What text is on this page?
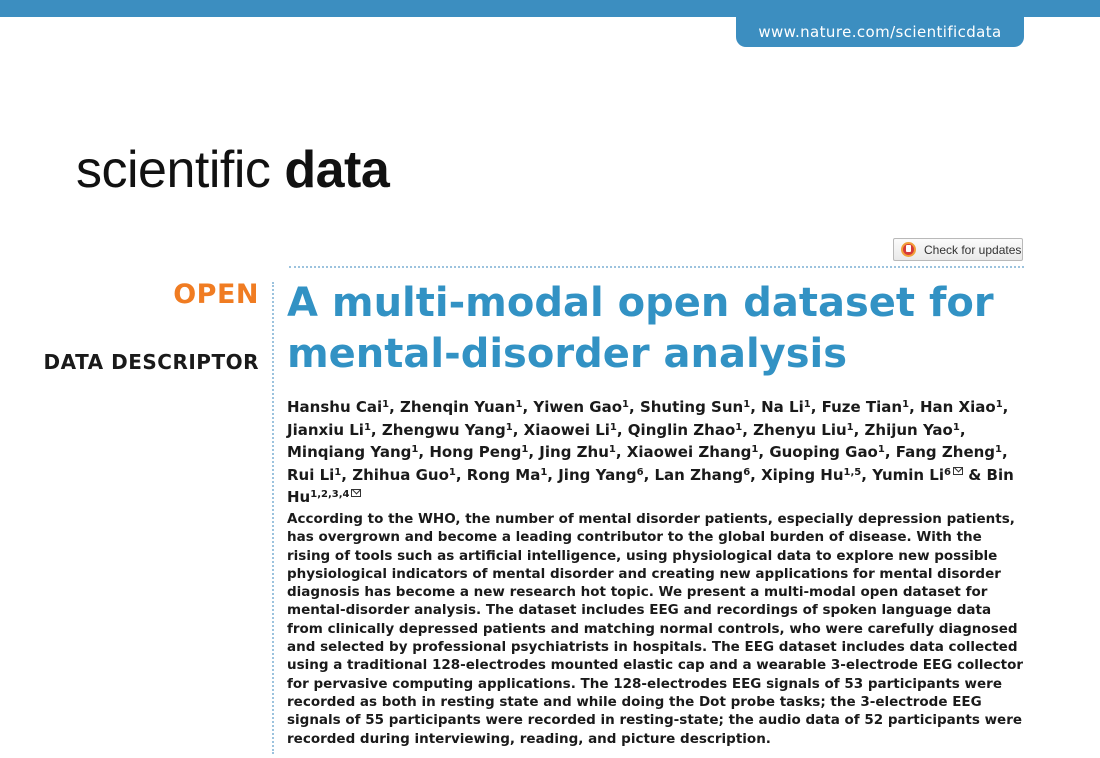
www.nature.com/scientificdata
scientific data
Check for updates
OPEN
DATA DESCRIPTOR
A multi-modal open dataset for mental-disorder analysis
Hanshu Cai$^1$, Zhenqin Yuan$^1$, Yiwen Gao$^1$, Shuting Sun$^1$, Na Li$^1$, Fuze Tian$^1$, Han Xiao$^1$, Jianxiu Li$^1$, Zhengwu Yang$^1$, Xiaowei Li$^1$, Qinglin Zhao$^1$, Zhenyu Liu$^1$, Zhijun Yao$^1$, Minqiang Yang$^1$, Hong Peng$^1$, Jing Zhu$^1$, Xiaowei Zhang$^1$, Guoping Gao$^1$, Fang Zheng$^1$, Rui Li$^1$, Zhihua Guo$^1$, Rong Ma$^1$, Jing Yang$^6$, Lan Zhang$^6$, Xiping Hu$^{1,5}$, Yumin Li$^6$ & Bin Hu$^{1,2,3,4}$

According to the WHO, the number of mental disorder patients, especially depression patients, has overgrown and become a leading contributor to the global burden of disease. With the rising of tools such as artificial intelligence, using physiological data to explore new possible physiological indicators of mental disorder and creating new applications for mental disorder diagnosis has become a new research hot topic. We present a multi-modal open dataset for mental-disorder analysis. The dataset includes EEG and recordings of spoken language data from clinically depressed patients and matching normal controls, who were carefully diagnosed and selected by professional psychiatrists in hospitals. The EEG dataset includes data collected using a traditional 128-electrodes mounted elastic cap and a wearable 3-electrode EEG collector for pervasive computing applications. The 128-electrodes EEG signals of 53 participants were recorded as both in resting state and while doing the Dot probe tasks; the 3-electrode EEG signals of 55 participants were recorded in resting-state; the audio data of 52 participants were recorded during interviewing, reading, and picture description.
